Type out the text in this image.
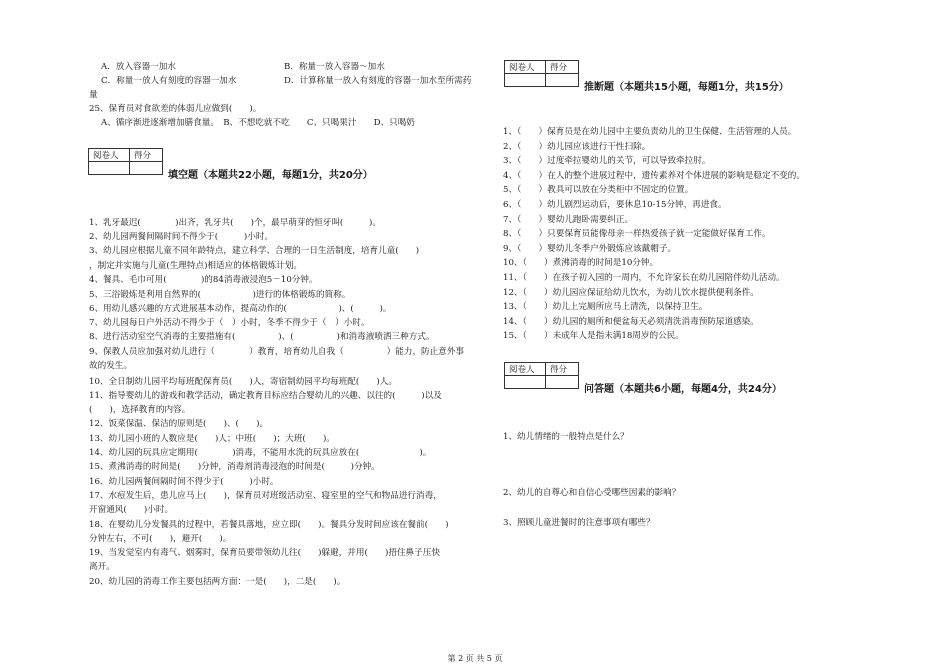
A．放入容器一加水	B．称量一放入容器～加水
C．称量一放人有刻度的容器一加水	D．计算称量一放入有刻度的容器一加水至所需药
量
25、保育员对食欲差的体弱儿应做到(　　)。
A、循序渐进逐渐增加膳食量。　B、不想吃就不吃　　C、只喝果汁　　D、只喝奶
阅卷人	得分

填空题（本题共22小题，每题1分，共20分）
1、乳牙最迟(　　　　)出齐，乳牙共(　　)个，最早萌芽的恒牙叫(　　　)。
2、幼儿园两餐间隔时间不得少于(　　　)小时。
3、幼儿园应根据儿童不同年龄特点，建立科学、合理的一日生活制度，培育儿童(　　)
，制定并实施与儿童(生理特点)相适应的体格锻炼计划。
4、餐具、毛巾可用(　　　　)的84消毒液浸泡5－10分钟。
5、三浴锻炼是利用自然界的(　　　　　　)进行的体格锻炼的简称。
6、用幼儿感兴趣的方式进展基本动作，提高动作的(　　　　　　)、(　　　)。
7、幼儿园每日户外活动不得少于（　）小时，冬季不得少于（　）小时。
8、进行活动室空气消毒的主要措施有(　　　　　)、(　　　　　)和消毒液喷洒三种方式。
9、保教人员应加强对幼儿进行（　　　　）教育，培育幼儿自我（　　　　　）能力，防止意外事
故的发生。
10、全日制幼儿园平均每班配保育员(　　)人，寄宿制幼园平均每班配(　　)人。
11、指导婴幼儿的游戏和教学活动，确定教育目标应结合婴幼儿的兴趣、以往的(　　　)以及
(　　)，选择教育的内容。
12、饭菜保温、保洁的原则是(　　)、(　　)。
13、幼儿园小班的人数应是(　　)人；中班(　　)；大班(　　)。
14、幼儿园的玩具应定期用(　　　　)消毒，不能用水洗的玩具应放在(　　　　　　　)。
15、煮沸消毒的时间是(　　)分钟，消毒剂消毒浸泡的时间是(　　　)分钟。
16、幼儿园两餐间隔时间不得少于(　　　)小时。
17、水痘发生后，患儿应马上(　　)，保育员对班级活动室、寝室里的空气和物品进行消毒，
开窗通风(　　)小时。
18、在婴幼儿分发餐具的过程中，若餐具落地，应立即(　　)。餐具分发时间应该在餐前(　　)
分钟左右，不可(　　)，避开(　　)。
19、当发觉室内有毒气、烟雾时，保育员要带领幼儿往(　　)躲避，并用(　　)捂住鼻子压快
离开。
20、幼儿园的消毒工作主要包括两方面：一是(　　)，二是(　　)。
阅卷人	得分

推断题（本题共15小题，每题1分，共15分）
1、（　　）保育员是在幼儿园中主要负责幼儿的卫生保健、生活管理的人员。
2、（　　）幼儿园应该进行干性扫除。
3、（　　）过度牵拉婴幼儿的关节，可以导致牵拉肘。
4、（　　）在人的整个进展过程中，遗传素养对个体进展的影响是稳定不变的。
5、（　　）教具可以放在分类柜中不固定的位置。
6、（　　）幼儿剧烈运动后，要休息10-15分钟，再进食。
7、（　　）婴幼儿跑卧需要纠正。
8、（　　）只要保育员能像母亲一样热爱孩子就一定能做好保育工作。
9、（　　）婴幼儿冬季户外锻炼应该戴帽子。
10、（　　）煮沸消毒的时间是10分钟。
11、（　　）在孩子初入园的一周内，不允许家长在幼儿园陪伴幼儿活动。
12、（　　）幼儿园应保证给幼儿饮水，为幼儿饮水提供便利条件。
13、（　　）幼儿上完厕所应马上清洗，以保持卫生。
14、（　　）幼儿园的厕所和便盆每天必须清洗消毒预防尿道感染。
15、（　　）未成年人是指未满18周岁的公民。
阅卷人	得分

问答题（本题共6小题，每题4分，共24分）
1、幼儿情绪的一般特点是什么？
2、幼儿的自尊心和自信心受哪些因素的影响？
3、照顾儿童进餐时的注意事项有哪些？
第 2 页 共 5 页
